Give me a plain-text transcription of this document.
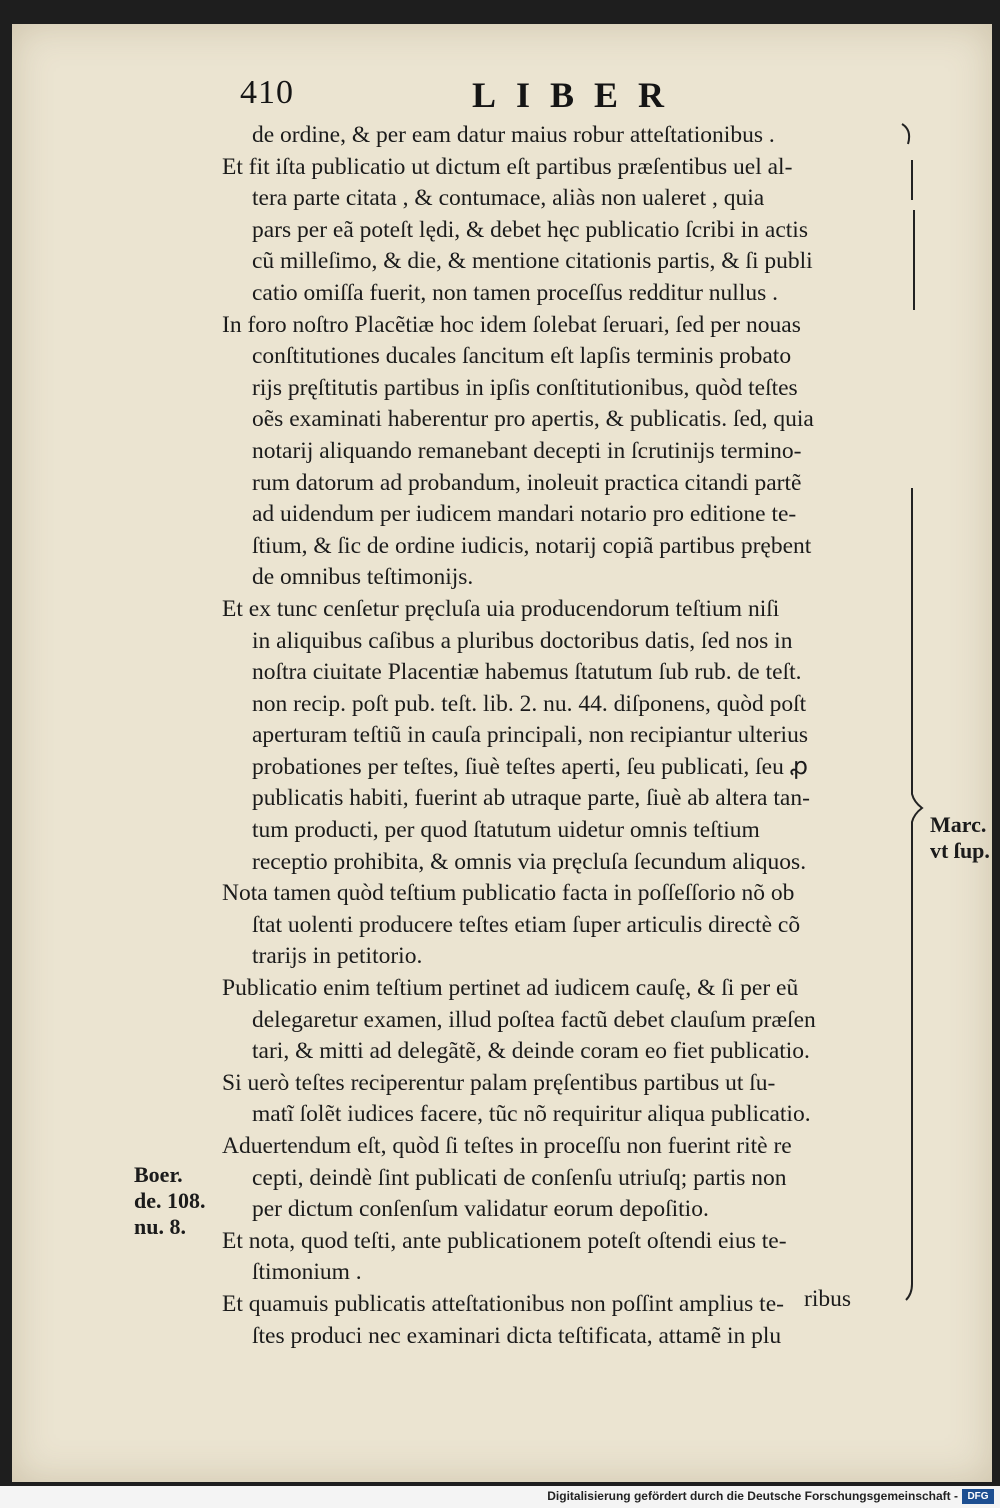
410	LIBER
de ordine, & per eam datur maius robur atteſtationibus .
Et fit iſta publicatio ut dictum eſt partibus præſentibus uel al-
tera parte citata , & contumace, aliàs non ualeret , quia
pars per eã poteſt lędi, & debet hęc publicatio ſcribi in actis
cũ milleſimo, & die, & mentione citationis partis, & ſi publi
catio omiſſa fuerit, non tamen proceſſus redditur nullus .
In foro noſtro Placẽtiæ hoc idem ſolebat ſeruari, ſed per nouas
conſtitutiones ducales ſancitum eſt lapſis terminis probato
rijs pręſtitutis partibus in ipſis conſtitutionibus, quòd teſtes
oẽs examinati haberentur pro apertis, & publicatis. ſed, quia
notarij aliquando remanebant decepti in ſcrutinijs termino-
rum datorum ad probandum, inoleuit practica citandi partẽ
ad uidendum per iudicem mandari notario pro editione te-
ſtium, & ſic de ordine iudicis, notarij copiã partibus prębent
de omnibus teſtimonijs.
Et ex tunc cenſetur pręcluſa uia producendorum teſtium niſi
in aliquibus caſibus a pluribus doctoribus datis, ſed nos in
noſtra ciuitate Placentiæ habemus ſtatutum ſub rub. de teſt.
non recip. poſt pub. teſt. lib. 2. nu. 44. diſponens, quòd poſt
aperturam teſtiũ in cauſa principali, non recipiantur ulterius
probationes per teſtes, ſiuè teſtes aperti, ſeu publicati, ſeu ꝓ
publicatis habiti, fuerint ab utraque parte, ſiuè ab altera tan-
tum producti, per quod ſtatutum uidetur omnis teſtium
receptio prohibita, & omnis via pręcluſa ſecundum aliquos.
Nota tamen quòd teſtium publicatio facta in poſſeſſorio nõ ob
ſtat uolenti producere teſtes etiam ſuper articulis directè cõ
trarijs in petitorio.
Publicatio enim teſtium pertinet ad iudicem cauſę, & ſi per eũ
delegaretur examen, illud poſtea factũ debet clauſum præſen
tari, & mitti ad delegãtẽ, & deinde coram eo fiet publicatio.
Si uerò teſtes reciperentur palam pręſentibus partibus ut ſu-
matĩ ſolẽt iudices facere, tũc nõ requiritur aliqua publicatio.
Aduertendum eſt, quòd ſi teſtes in proceſſu non fuerint ritè re
cepti, deindè ſint publicati de conſenſu utriuſq; partis non
per dictum conſenſum validatur eorum depoſitio.
Et nota, quod teſti, ante publicationem poteſt oſtendi eius te-
ſtimonium .
Et quamuis publicatis atteſtationibus non poſſint amplius te-
ſtes produci nec examinari dicta teſtificata, attamẽ in plu
Boer.
de. 108.
nu. 8.
Marc.
vt ſup.
ribus
Digitalisierung gefördert durch die Deutsche Forschungsgemeinschaft - DFG
